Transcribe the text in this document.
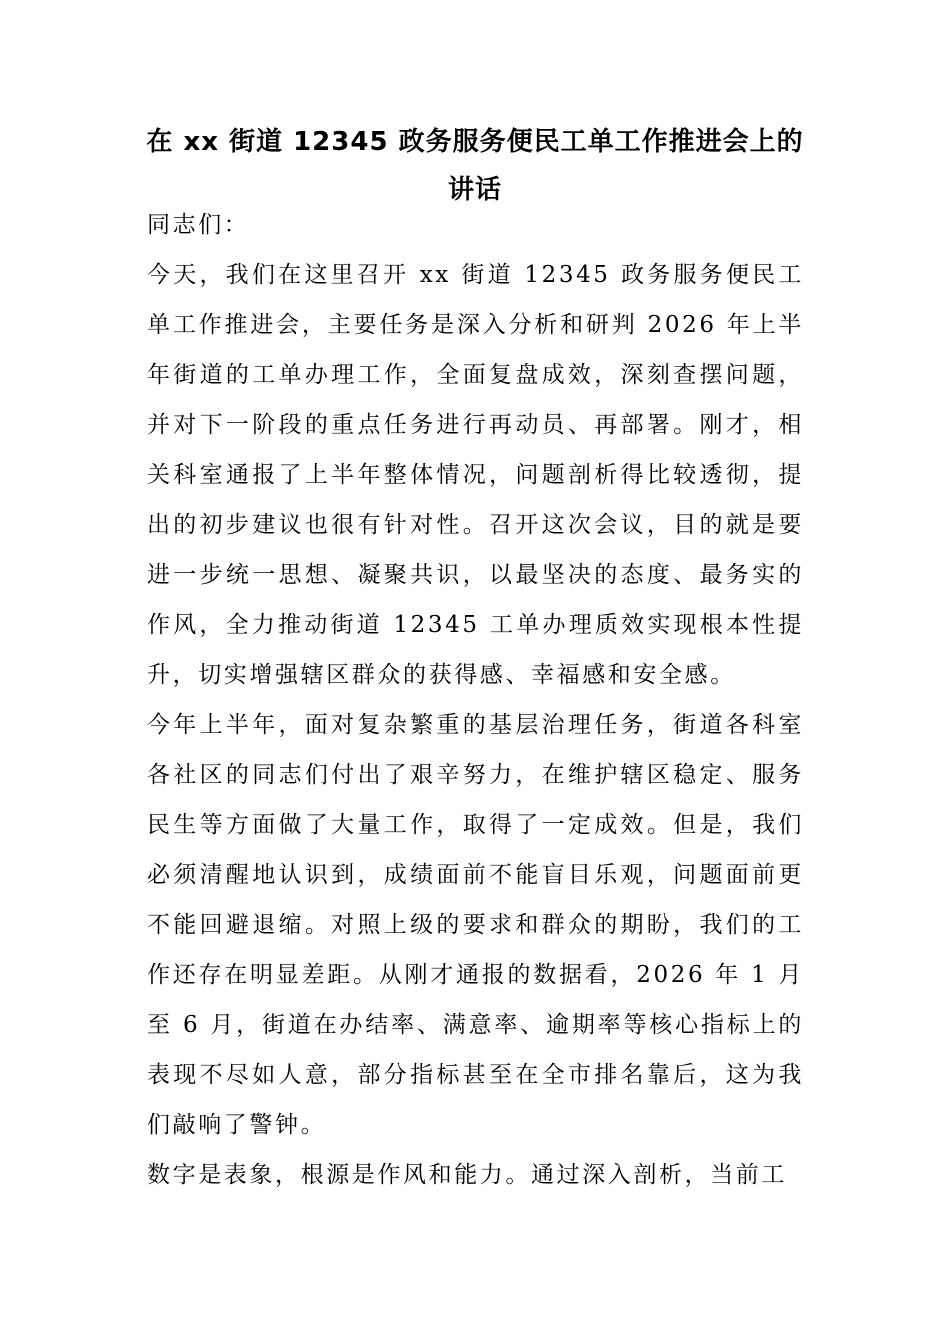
在 xx 街道 12345 政务服务便民工单工作推进会上的讲话

同志们：

今天，我们在这里召开 xx 街道 12345 政务服务便民工单工作推进会，主要任务是深入分析和研判 2026 年上半年街道的工单办理工作，全面复盘成效，深刻查摆问题，并对下一阶段的重点任务进行再动员、再部署。刚才，相关科室通报了上半年整体情况，问题剖析得比较透彻，提出的初步建议也很有针对性。召开这次会议，目的就是要进一步统一思想、凝聚共识，以最坚决的态度、最务实的作风，全力推动街道 12345 工单办理质效实现根本性提升，切实增强辖区群众的获得感、幸福感和安全感。

今年上半年，面对复杂繁重的基层治理任务，街道各科室各社区的同志们付出了艰辛努力，在维护辖区稳定、服务民生等方面做了大量工作，取得了一定成效。但是，我们必须清醒地认识到，成绩面前不能盲目乐观，问题面前更不能回避退缩。对照上级的要求和群众的期盼，我们的工作还存在明显差距。从刚才通报的数据看，2026 年 1 月至 6 月，街道在办结率、满意率、逾期率等核心指标上的表现不尽如人意，部分指标甚至在全市排名靠后，这为我们敲响了警钟。

数字是表象，根源是作风和能力。通过深入剖析，当前工
